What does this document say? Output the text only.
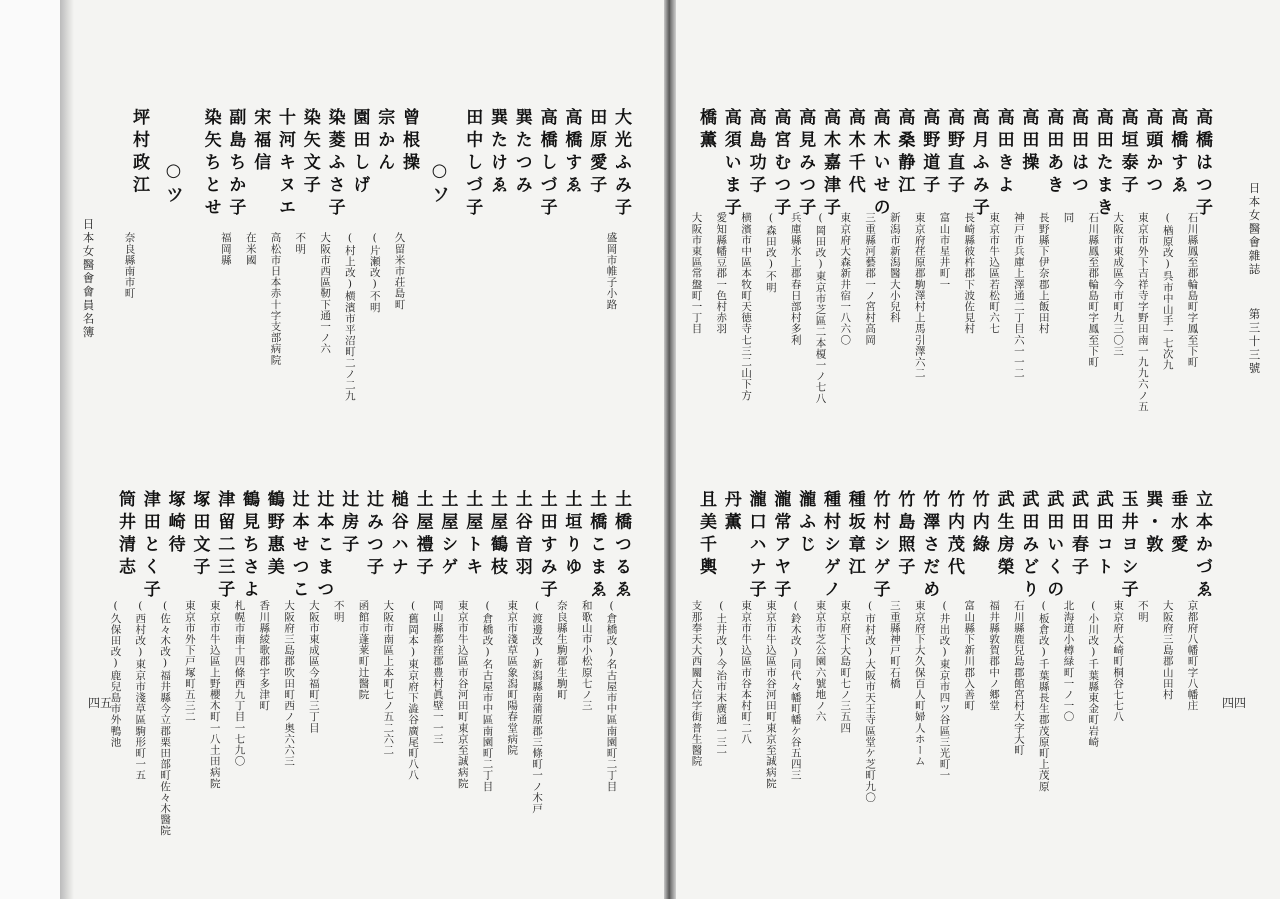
日本女醫會雜誌
第三十三號
四四
日本女醫會會員名簿
四五
高橋はつ子
石川縣鳳至郡輪島町字鳳至下町
高橋すゑ
(楢原改)呉市中山手一七次九
高頭かつ
東京市外下吉祥寺字野田南一九九六ノ五
高垣泰子
大阪市東成區今市町九三〇三
高田たまき
石川縣鳳至郡輪島町字鳳至下町
高田はつ
同
高田あき
長野縣下伊奈郡上飯田村
高田操
神戸市兵庫上澤通二丁目六一一二
高田きよ
東京市牛込區若松町六七
高月ふみ子
長崎縣彼杵郡下波佐見村
高野直子
富山市星井町一
高野道子
東京府荏原郡駒澤村上馬引澤六二
高桑静江
新潟市新潟醫大小兒科
高木いせの
三重縣河藝郡一ノ宮村高岡
高木千代
東京府大森新井宿一八六〇
高木嘉津子
(岡田改)東京市芝區二本榎一ノ七八
高見みつ子
兵庫縣氷上郡春日部村多利
高宮むつ子
(森田改)不明
高島功子
横濱市中區本牧町天徳寺七三二山下方
高須いま子
愛知縣幡豆郡一色村赤羽
橋薫
大阪市東區常盤町一丁目
立本かづゑ
京都府八幡町字八幡庄
垂水愛
大阪府三島郡山田村
巽・敦
不明
玉井ヨシ子
東京府大崎町桐谷七七八
武田コト
(小川改)千葉縣東金町岩崎
武田春子
北海道小樽緑町一ノ一〇
武田いくの
(板倉改)千葉縣長生郡茂原町上茂原
武田みどり
石川縣鹿兒島郡館宮村大字大町
武生房榮
福井縣敦賀郡中ノ郷堂
竹内綠
富山縣下新川郡入善町
竹内茂代
(井出改)東京市四ツ谷區三光町一
竹澤さだめ
東京府下大久保百人町婦人ホーム
竹島照子
三重縣神戸町石橋
竹村シゲ子
(市村改)大阪市天王寺區堂ケ芝町九〇
種坂章江
東京府下大島町七ノ三五四
種村シゲノ
東京市芝公園六號地ノ六
瀧ふじ
(鈴木改)同代々幡町幡ケ谷五四三
瀧常アヤ子
東京市牛込區市谷河田町東京至誠病院
瀧口ハナ子
東京市牛込區市谷本村町二八
丹薫
(土井改)今治市末廣通一三一
且美千輿
支那奉天大西關大信字街普生醫院
大光ふみ子
盛岡市帷子小路
田原愛子
高橋すゑ
高橋しづ子
巽たつみ
巽たけゑ
田中しづ子
○ソ
曾根操
久留米市荘島町
宗かん
(片瀬改)不明
園田しげ
(村上改)横濱市平沼町二ノ二九
染菱ふさ子
大阪市西區靭下通一ノ六
染矢文子
不明
十河キヌエ
高松市日本赤十字支部病院
宋福信
在米國
副島ちか子
福岡縣
染矢ちとせ
○ツ
坪村政江
奈良縣南市町
土橋つるゑ
(倉橋改)名古屋市中區南園町二丁目
土橋こまゑ
和歌山市小松原七ノ三
土垣りゆ
奈良縣生駒郡生駒町
土田すみ子
(渡邊改)新潟縣南蒲原郡三條町一ノ木戸
土谷音羽
東京市淺草區象潟町陽春堂病院
土屋鶴枝
(倉橋改)名古屋市中區南園町二丁目
土屋トキ
東京市牛込區市谷河田町東京至誠病院
土屋シゲ
岡山縣都窪郡豊村眞壁一一三
土屋禮子
(舊岡本)東京府下澁谷廣尾町八八
槌谷ハナ
大阪市南區上本町七ノ五二六二
辻みつ子
函館市蓬莱町辻醫院
辻房子
不明
辻本こまつ
大阪市東成區今福町三丁目
辻本せつこ
大阪府三島郡吹田町西ノ奥六六三
鶴野惠美
香川縣綾歌郡宇多津町
鶴見ちさよ
札幌市南十四條西九丁目一七九〇
津留二三子
東京市牛込區上野櫻木町一八土田病院
塚田文子
東京市外下戸塚町五三二
塚崎待
(佐々木改)福井縣今立郡栗田部町佐々木醫院
津田とく子
(西村改)東京市淺草區駒形町一五
筒井清志
(久保田改)鹿兒島市外鴨池
